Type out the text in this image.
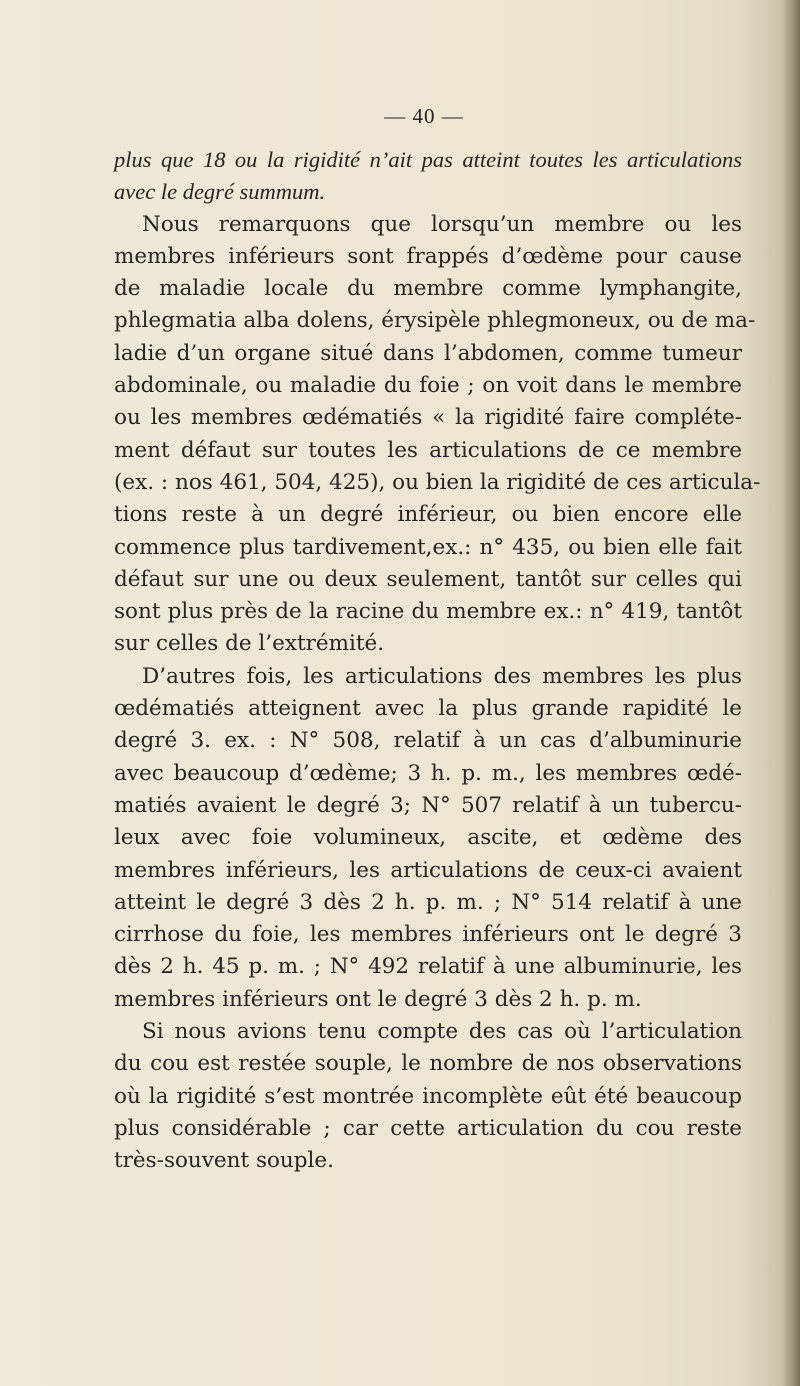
— 40 —
plus que 18 ou la rigidité n’ait pas atteint toutes les articulations
avec le degré summum.
Nous remarquons que lorsqu’un membre ou les
membres inférieurs sont frappés d’œdème pour cause
de maladie locale du membre comme lymphangite,
phlegmatia alba dolens, érysipèle phlegmoneux, ou de ma-
ladie d’un organe situé dans l’abdomen, comme tumeur
abdominale, ou maladie du foie ; on voit dans le membre
ou les membres œdématiés « la rigidité faire compléte-
ment défaut sur toutes les articulations de ce membre
(ex. : nos 461, 504, 425), ou bien la rigidité de ces articula-
tions reste à un degré inférieur, ou bien encore elle
commence plus tardivement,ex.: n° 435, ou bien elle fait
défaut sur une ou deux seulement, tantôt sur celles qui
sont plus près de la racine du membre ex.: n° 419, tantôt
sur celles de l’extrémité.
D’autres fois, les articulations des membres les plus
œdématiés atteignent avec la plus grande rapidité le
degré 3. ex. : N° 508, relatif à un cas d’albuminurie
avec beaucoup d’œdème; 3 h. p. m., les membres œdé-
matiés avaient le degré 3; N° 507 relatif à un tubercu-
leux avec foie volumineux, ascite, et œdème des
membres inférieurs, les articulations de ceux-ci avaient
atteint le degré 3 dès 2 h. p. m. ; N° 514 relatif à une
cirrhose du foie, les membres inférieurs ont le degré 3
dès 2 h. 45 p. m. ; N° 492 relatif à une albuminurie, les
membres inférieurs ont le degré 3 dès 2 h. p. m.
Si nous avions tenu compte des cas où l’articulation
du cou est restée souple, le nombre de nos observations
où la rigidité s’est montrée incomplète eût été beaucoup
plus considérable ; car cette articulation du cou reste
très-souvent souple.
